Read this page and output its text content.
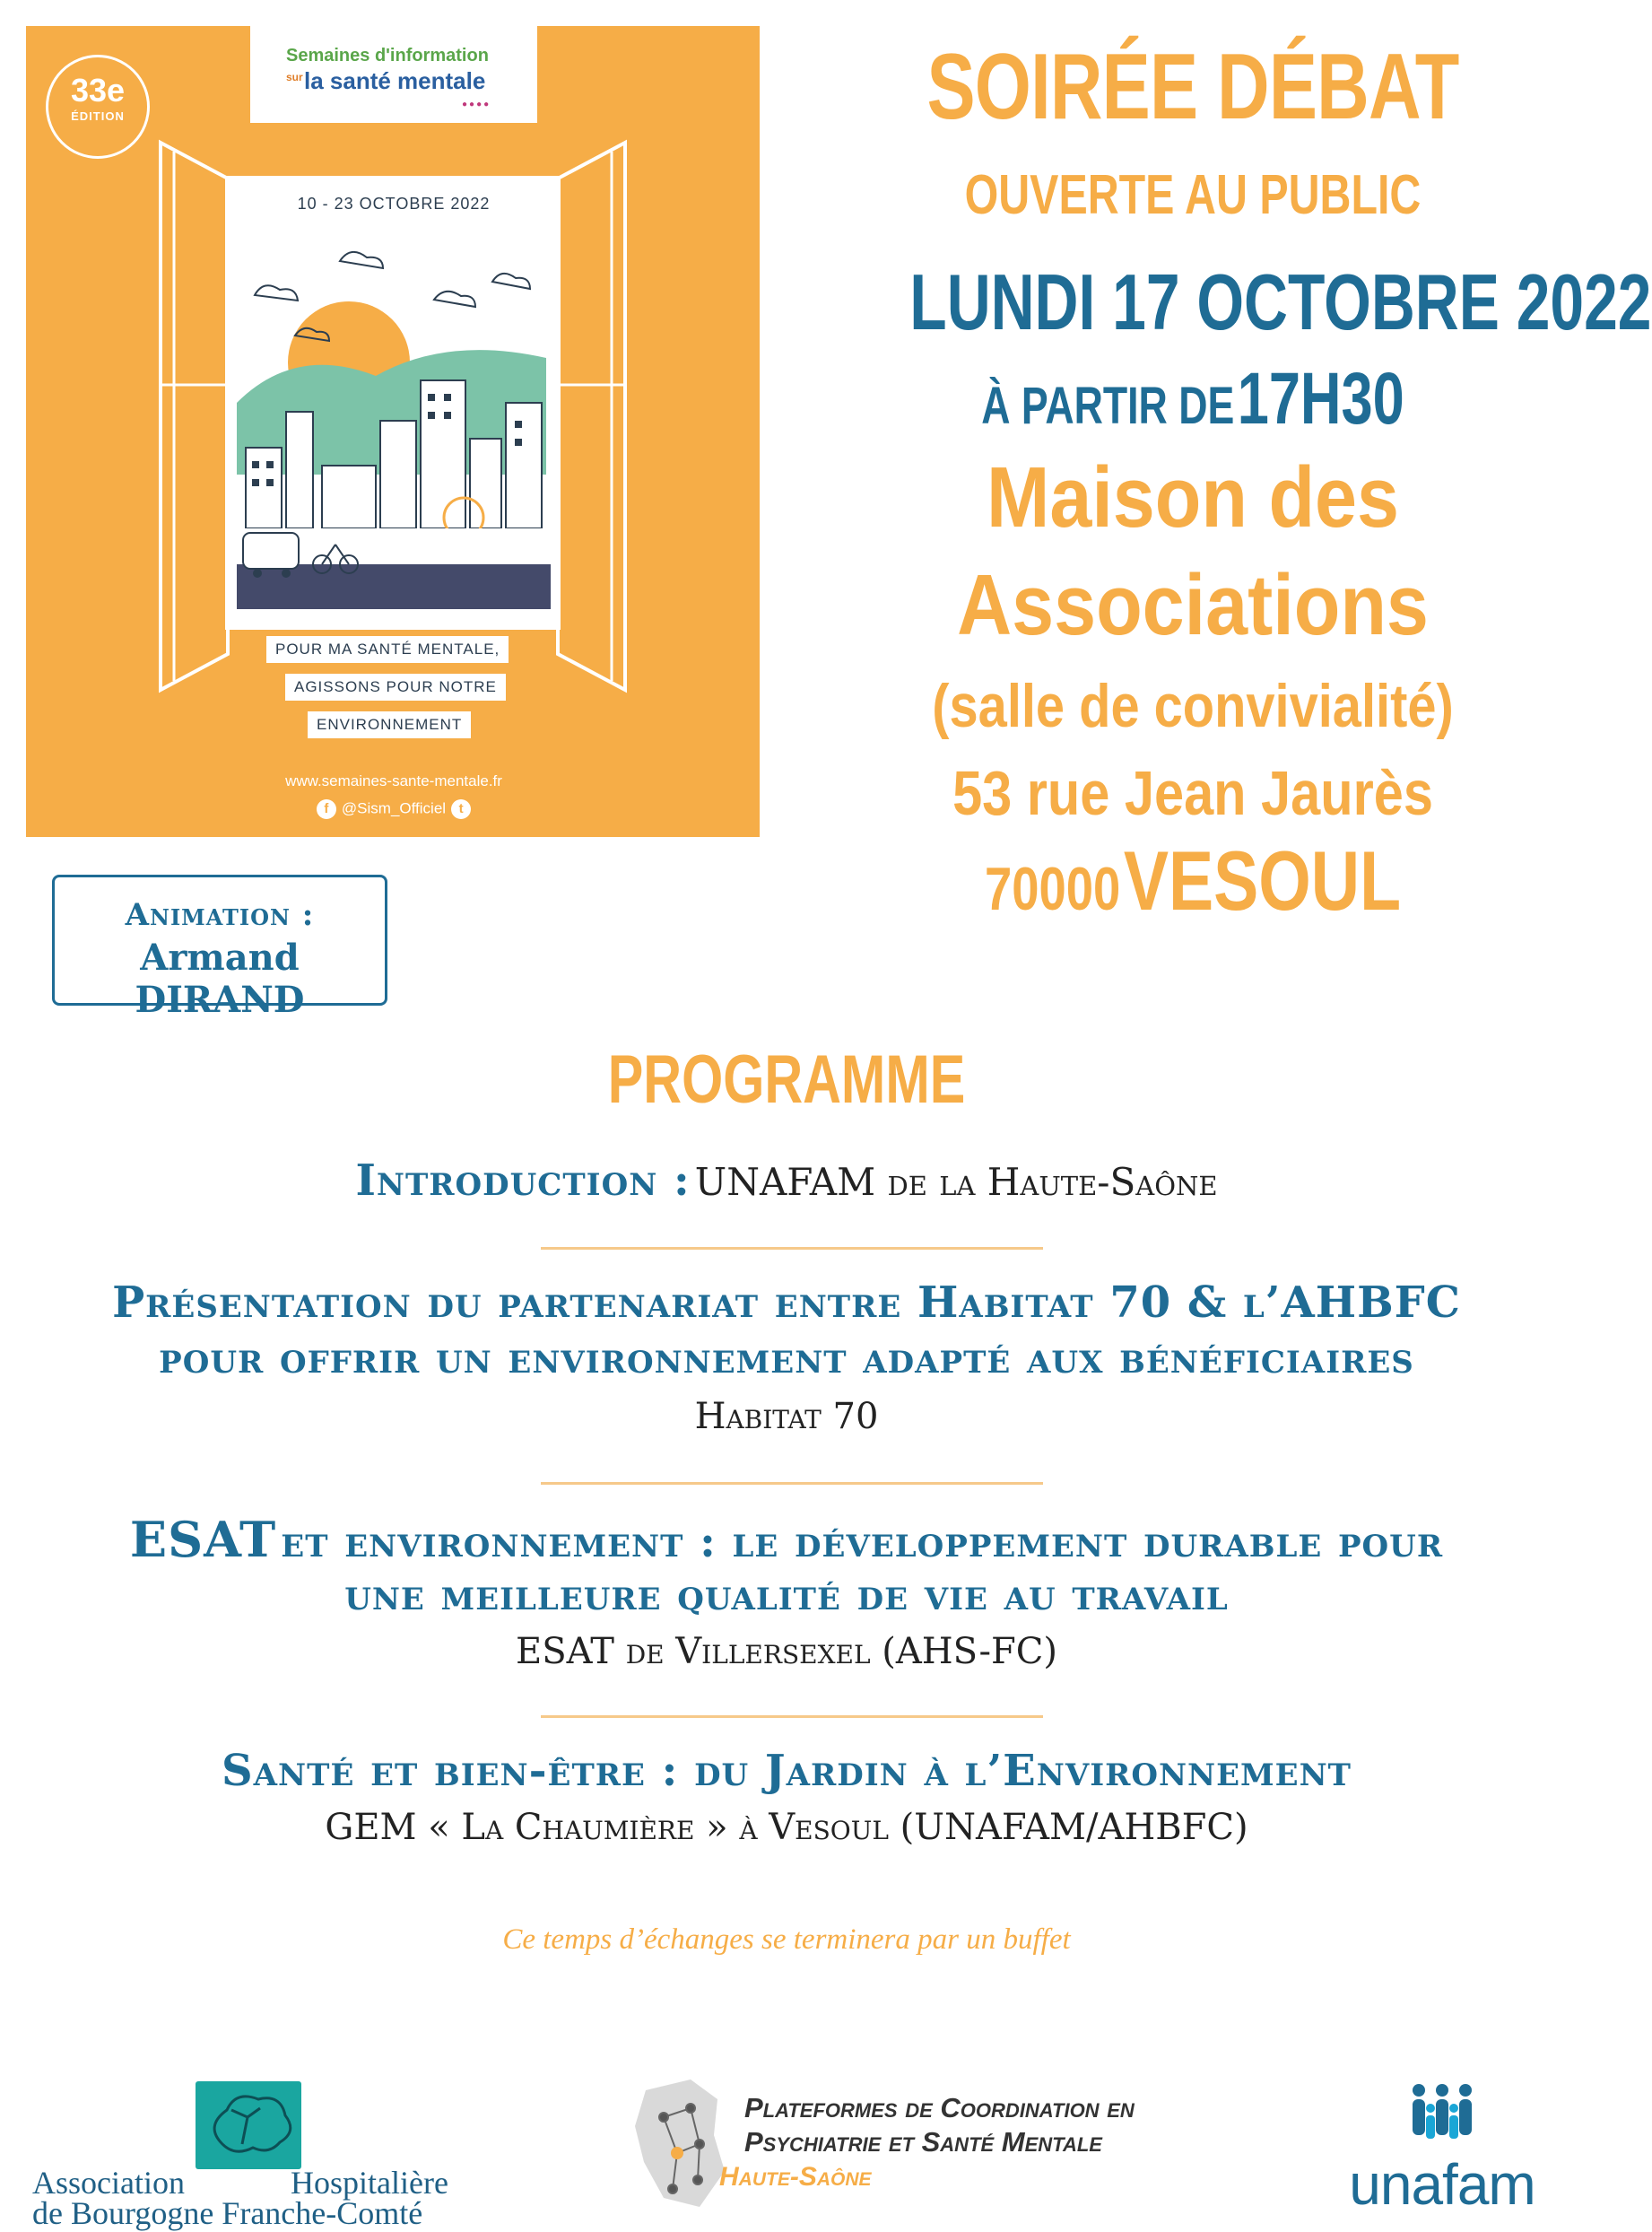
33e
ÉDITION
Semaines d'information
sur la santé mentale
●●●●
10 - 23 OCTOBRE 2022
POUR MA SANTÉ MENTALE,
AGISSONS POUR NOTRE
ENVIRONNEMENT
www.semaines-sante-mentale.fr
f @Sism_Officiel t
SOIRÉE DÉBAT
OUVERTE AU PUBLIC
LUNDI 17 OCTOBRE 2022
À PARTIR DE 17H30
Maison des
Associations
(salle de convivialité)
53 rue Jean Jaurès
70000 VESOUL
Animation :
Armand DIRAND
PROGRAMME
Introduction : UNAFAM de la Haute-Saône
Présentation du partenariat entre Habitat 70 & l’AHBFC
pour offrir un environnement adapté aux bénéficiaires
Habitat 70
ESAT et environnement : le développement durable pour
une meilleure qualité de vie au travail
ESAT de Villersexel (AHS-FC)
Santé et bien-être : du Jardin à l’Environnement
GEM « La Chaumière » à Vesoul (UNAFAM/AHBFC)
Ce temps d’échanges se terminera par un buffet
Association	Hospitalière
de Bourgogne Franche-Comté
Plateformes de Coordination en
Psychiatrie et Santé Mentale
Haute-Saône	unafam
